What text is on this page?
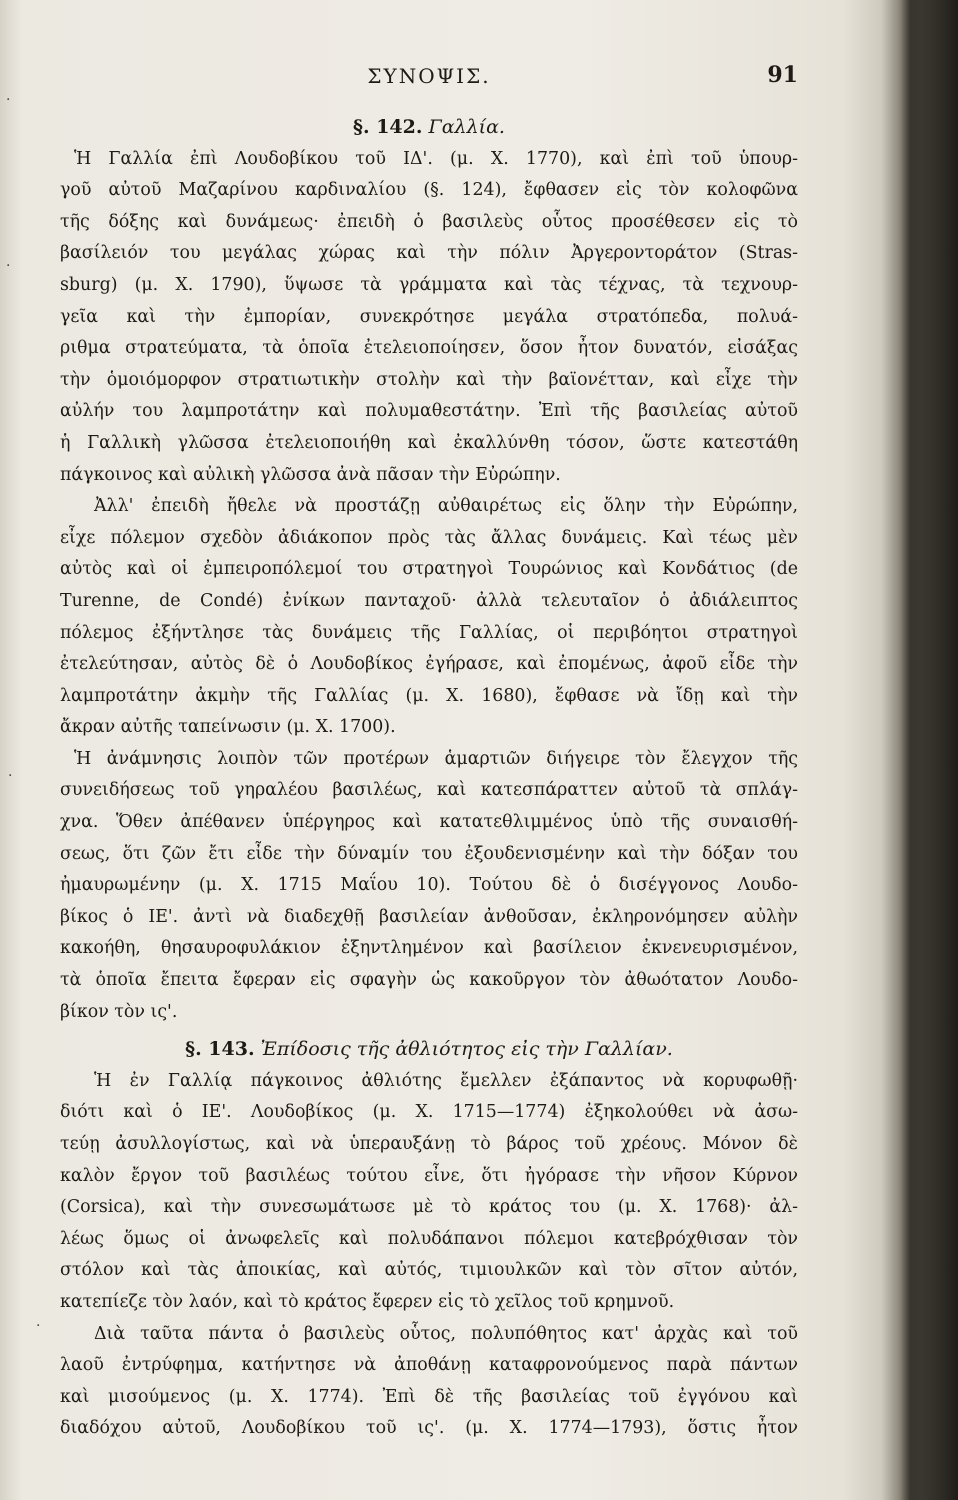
ΣΥΝΟΨΙΣ.	91
§. 142. Γαλλία.
Ἡ Γαλλία ἐπὶ Λουδοβίκου τοῦ ΙΔ'. (μ. Χ. 1770), καὶ ἐπὶ τοῦ ὑπουρ-
γοῦ αὐτοῦ Μαζαρίνου καρδιναλίου (§. 124), ἔφθασεν εἰς τὸν κολοφῶνα
τῆς δόξης καὶ δυνάμεως· ἐπειδὴ ὁ βασιλεὺς οὗτος προσέθεσεν εἰς τὸ
βασίλειόν του μεγάλας χώρας καὶ τὴν πόλιν Ἀργεροντοράτον (Stras-
sburg) (μ. Χ. 1790), ὕψωσε τὰ γράμματα καὶ τὰς τέχνας, τὰ τεχνουρ-
γεῖα καὶ τὴν ἐμπορίαν, συνεκρότησε μεγάλα στρατόπεδα, πολυά-
ριθμα στρατεύματα, τὰ ὁποῖα ἐτελειοποίησεν, ὅσον ἦτον δυνατόν, εἰσάξας
τὴν ὁμοιόμορφον στρατιωτικὴν στολὴν καὶ τὴν βαϊονέτταν, καὶ εἶχε τὴν
αὐλήν του λαμπροτάτην καὶ πολυμαθεστάτην. Ἐπὶ τῆς βασιλείας αὐτοῦ
ἡ Γαλλικὴ γλῶσσα ἐτελειοποιήθη καὶ ἐκαλλύνθη τόσον, ὥστε κατεστάθη
πάγκοινος καὶ αὐλικὴ γλῶσσα ἀνὰ πᾶσαν τὴν Εὐρώπην.
Ἀλλ' ἐπειδὴ ἤθελε νὰ προστάζῃ αὐθαιρέτως εἰς ὅλην τὴν Εὐρώπην,
εἶχε πόλεμον σχεδὸν ἀδιάκοπον πρὸς τὰς ἄλλας δυνάμεις. Καὶ τέως μὲν
αὐτὸς καὶ οἱ ἐμπειροπόλεμοί του στρατηγοὶ Τουρώνιος καὶ Κονδάτιος (de
Turenne, de Condé) ἐνίκων πανταχοῦ· ἀλλὰ τελευταῖον ὁ ἀδιάλειπτος
πόλεμος ἐξήντλησε τὰς δυνάμεις τῆς Γαλλίας, οἱ περιβόητοι στρατηγοὶ
ἐτελεύτησαν, αὐτὸς δὲ ὁ Λουδοβίκος ἐγήρασε, καὶ ἐπομένως, ἀφοῦ εἶδε τὴν
λαμπροτάτην ἀκμὴν τῆς Γαλλίας (μ. Χ. 1680), ἔφθασε νὰ ἴδῃ καὶ τὴν
ἄκραν αὐτῆς ταπείνωσιν (μ. Χ. 1700).
Ἡ ἀνάμνησις λοιπὸν τῶν προτέρων ἁμαρτιῶν διήγειρε τὸν ἔλεγχον τῆς
συνειδήσεως τοῦ γηραλέου βασιλέως, καὶ κατεσπάραττεν αὐτοῦ τὰ σπλάγ-
χνα. Ὅθεν ἀπέθανεν ὑπέργηρος καὶ κατατεθλιμμένος ὑπὸ τῆς συναισθή-
σεως, ὅτι ζῶν ἔτι εἶδε τὴν δύναμίν του ἐξουδενισμένην καὶ τὴν δόξαν του
ἠμαυρωμένην (μ. Χ. 1715 Μαΐου 10). Τούτου δὲ ὁ δισέγγονος Λουδο-
βίκος ὁ ΙΕ'. ἀντὶ νὰ διαδεχθῇ βασιλείαν ἀνθοῦσαν, ἐκληρονόμησεν αὐλὴν
κακοήθη, θησαυροφυλάκιον ἐξηντλημένον καὶ βασίλειον ἐκνενευρισμένον,
τὰ ὁποῖα ἔπειτα ἔφεραν εἰς σφαγὴν ὡς κακοῦργον τὸν ἀθωότατον Λουδο-
βίκον τὸν ις'.
§. 143. Ἐπίδοσις τῆς ἀθλιότητος εἰς τὴν Γαλλίαν.
Ἡ ἐν Γαλλίᾳ πάγκοινος ἀθλιότης ἔμελλεν ἐξάπαντος νὰ κορυφωθῇ·
διότι καὶ ὁ ΙΕ'. Λουδοβίκος (μ. Χ. 1715—1774) ἐξηκολούθει νὰ ἀσω-
τεύῃ ἀσυλλογίστως, καὶ νὰ ὑπεραυξάνῃ τὸ βάρος τοῦ χρέους. Μόνον δὲ
καλὸν ἔργον τοῦ βασιλέως τούτου εἶνε, ὅτι ἠγόρασε τὴν νῆσον Κύρνον
(Corsica), καὶ τὴν συνεσωμάτωσε μὲ τὸ κράτος του (μ. Χ. 1768)· ἀλ-
λέως ὅμως οἱ ἀνωφελεῖς καὶ πολυδάπανοι πόλεμοι κατεβρόχθισαν τὸν
στόλον καὶ τὰς ἀποικίας, καὶ αὐτός, τιμιουλκῶν καὶ τὸν σῖτον αὐτόν,
κατεπίεζε τὸν λαόν, καὶ τὸ κράτος ἔφερεν εἰς τὸ χεῖλος τοῦ κρημνοῦ.
Διὰ ταῦτα πάντα ὁ βασιλεὺς οὗτος, πολυπόθητος κατ' ἀρχὰς καὶ τοῦ
λαοῦ ἐντρύφημα, κατήντησε νὰ ἀποθάνῃ καταφρονούμενος παρὰ πάντων
καὶ μισούμενος (μ. Χ. 1774). Ἐπὶ δὲ τῆς βασιλείας τοῦ ἐγγόνου καὶ
διαδόχου αὐτοῦ, Λουδοβίκου τοῦ ις'. (μ. Χ. 1774—1793), ὅστις ἦτον
·
·
·
·
